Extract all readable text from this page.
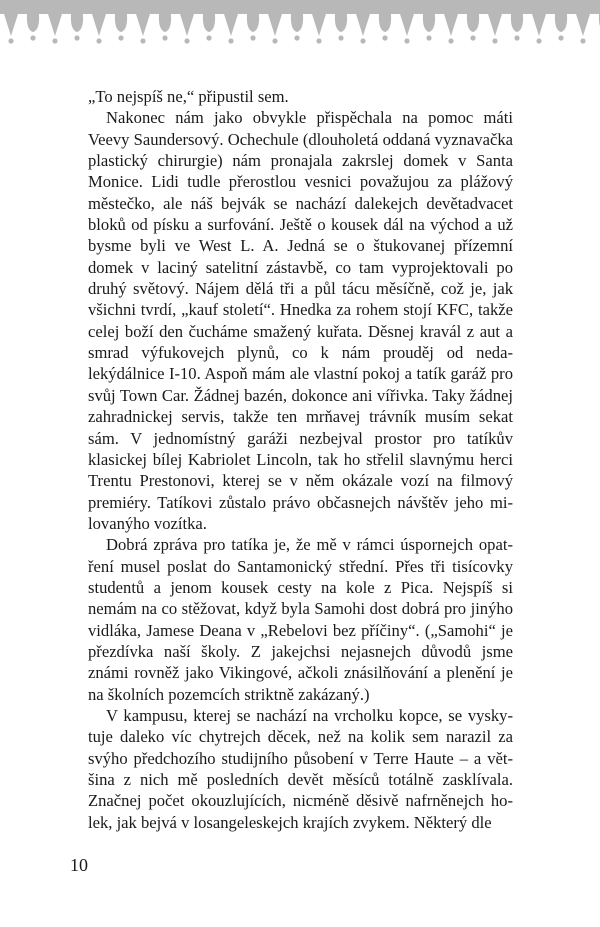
„To nejspíš ne,“ připustil sem.

Nakonec nám jako obvykle přispěchala na pomoc máti Veevy Saundersový. Ochechule (dlouholetá oddaná vyznavačka plastický chirurgie) nám pronajala zakrslej domek v Santa Monice. Lidi tudle přerostlou vesnici považujou za plážový městečko, ale náš bejvák se nachází dalekejch devětadvacet bloků od písku a surfování. Ještě o kousek dál na východ a už bysme byli ve West L. A. Jedná se o štukovanej přízemní domek v laciný satelitní zástavbě, co tam vyprojektovali po druhý světový. Nájem dělá tři a půl tácu měsíčně, což je, jak všichni tvrdí, „kauf století“. Hnedka za rohem stojí KFC, takže celej boží den čucháme smažený kuřata. Děsnej kravál z aut a smrad výfukovejch plynů, co k nám prouděj od nedalekýdálnice I-10. Aspoň mám ale vlastní pokoj a tatík garáž pro svůj Town Car. Žádnej bazén, dokonce ani vířivka. Taky žádnej zahradnickej servis, takže ten mrňavej trávník musím sekat sám. V jednomístný garáži nezbejval prostor pro tatíkův klasickej bílej Kabriolet Lincoln, tak ho střelil slavnýmu herci Trentu Prestonovi, kterej se v něm okázale vozí na filmový premiéry. Tatíkovi zůstalo právo občasnejch návštěv jeho milovanýho vozítka.

Dobrá zpráva pro tatíka je, že mě v rámci úspornejch opatření musel poslat do Santamonický střední. Přes tři tisícovky studentů a jenom kousek cesty na kole z Pica. Nejspíš si nemám na co stěžovat, když byla Samohi dost dobrá pro jinýho vidláka, Jamese Deana v „Rebelovi bez příčiny“. („Samohi“ je přezdívka naší školy. Z jakejchsi nejasnejch důvodů jsme známi rovněž jako Vikingové, ačkoli znásilňování a plenění je na školních pozemcích striktně zakázaný.)

V kampusu, kterej se nachází na vrcholku kopce, se vyskytuje daleko víc chytrejch děcek, než na kolik sem narazil za svýho předchozího studijního působení v Terre Haute – a většina z nich mě posledních devět měsíců totálně zasklívala. Značnej počet okouzlujících, nicméně děsivě nafrněnejch holek, jak bejvá v losangeleskejch krajích zvykem. Některý dle

10
